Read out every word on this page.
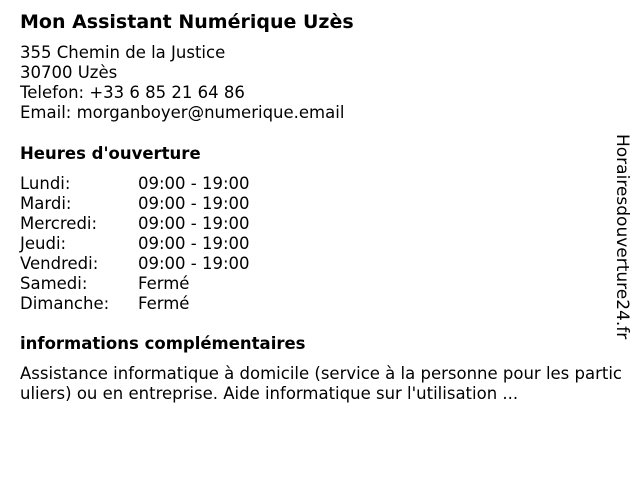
Mon Assistant Numérique Uzès
355 Chemin de la Justice
30700 Uzès
Telefon: +33 6 85 21 64 86
Email: morganboyer@numerique.email
Heures d'ouverture
Lundi:	09:00 - 19:00
Mardi:	09:00 - 19:00
Mercredi:	09:00 - 19:00
Jeudi:	09:00 - 19:00
Vendredi:	09:00 - 19:00
Samedi:	Fermé
Dimanche:	Fermé
informations complémentaires
Assistance informatique à domicile (service à la personne pour les particuliers) ou en entreprise. Aide informatique sur l'utilisation ...
Horairesdouverture24.fr
